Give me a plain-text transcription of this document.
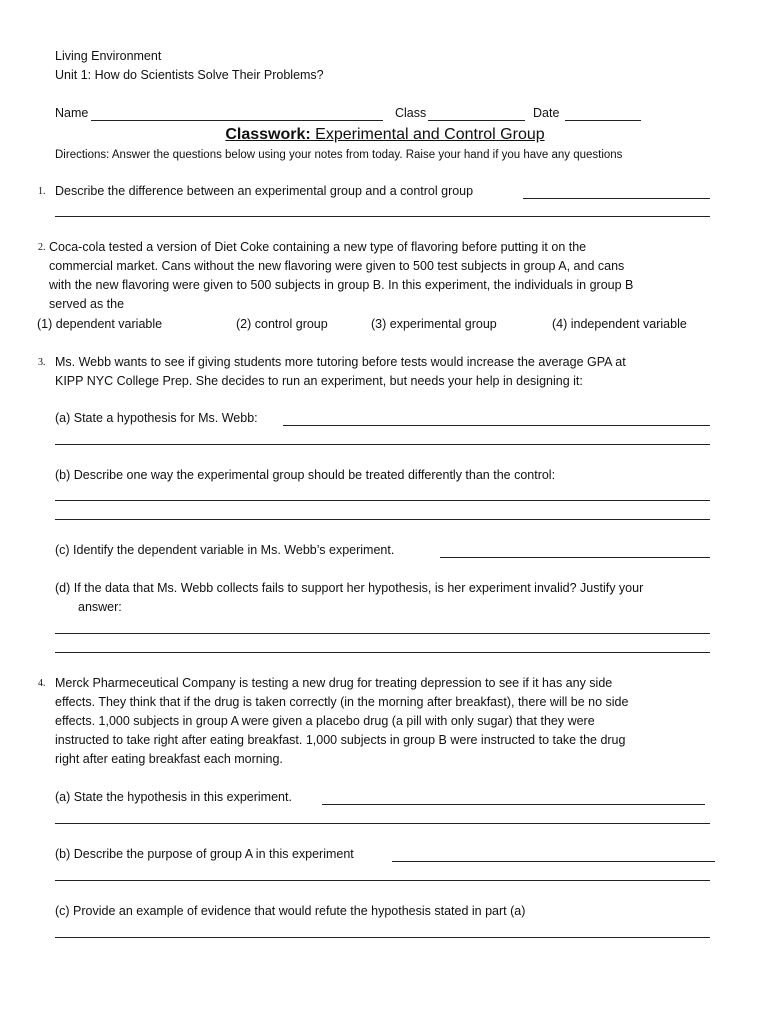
Living Environment
Unit 1: How do Scientists Solve Their Problems?
Name	Class	Date
Classwork: Experimental and Control Group
Directions: Answer the questions below using your notes from today. Raise your hand if you have any questions
1. Describe the difference between an experimental group and a control group
2. Coca-cola tested a version of Diet Coke containing a new type of flavoring before putting it on the
commercial market. Cans without the new flavoring were given to 500 test subjects in group A, and cans
with the new flavoring were given to 500 subjects in group B. In this experiment, the individuals in group B
served as the
(1) dependent variable	(2) control group	(3) experimental group	(4) independent variable
3. Ms. Webb wants to see if giving students more tutoring before tests would increase the average GPA at
KIPP NYC College Prep. She decides to run an experiment, but needs your help in designing it:
(a) State a hypothesis for Ms. Webb:
(b) Describe one way the experimental group should be treated differently than the control:
(c) Identify the dependent variable in Ms. Webb’s experiment.
(d) If the data that Ms. Webb collects fails to support her hypothesis, is her experiment invalid? Justify your
answer:
4. Merck Pharmeceutical Company is testing a new drug for treating depression to see if it has any side
effects. They think that if the drug is taken correctly (in the morning after breakfast), there will be no side
effects. 1,000 subjects in group A were given a placebo drug (a pill with only sugar) that they were
instructed to take right after eating breakfast. 1,000 subjects in group B were instructed to take the drug
right after eating breakfast each morning.
(a) State the hypothesis in this experiment.
(b) Describe the purpose of group A in this experiment
(c) Provide an example of evidence that would refute the hypothesis stated in part (a)
